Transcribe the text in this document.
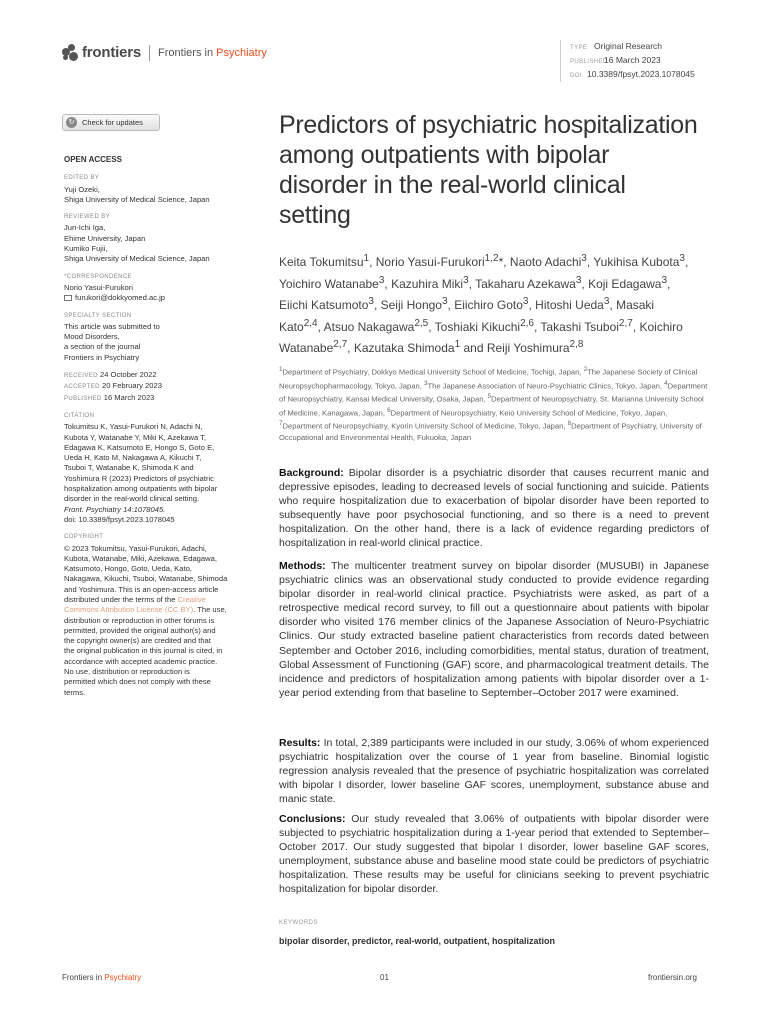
frontiers Frontiers in Psychiatry	TYPE Original Research
PUBLISHED16 March 2023
DOI 10.3389/fpsyt.2023.1078045
↻	Check for updates
OPEN ACCESS
EDITED BY
Yuji Ozeki,
Shiga University of Medical Science, Japan
REVIEWED BY
Jun-Ichi Iga,
Ehime University, Japan
Kumiko Fujii,
Shiga University of Medical Science, Japan
*CORRESPONDENCE
Norio Yasui-Furukori
furukori@dokkyomed.ac.jp
SPECIALTY SECTION
This article was submitted to
Mood Disorders,
a section of the journal
Frontiers in Psychiatry
RECEIVED 24 October 2022
ACCEPTED 20 February 2023
PUBLISHED 16 March 2023
CITATION
Tokumitsu K, Yasui-Furukori N, Adachi N,
Kubota Y, Watanabe Y, Miki K, Azekawa T,
Edagawa K, Katsumoto E, Hongo S, Goto E,
Ueda H, Kato M, Nakagawa A, Kikuchi T,
Tsuboi T, Watanabe K, Shimoda K and
Yoshimura R (2023) Predictors of psychiatric
hospitalization among outpatients with bipolar
disorder in the real-world clinical setting.
Front. Psychiatry 14:1078045.
doi: 10.3389/fpsyt.2023.1078045
COPYRIGHT
© 2023 Tokumitsu, Yasui-Furukori, Adachi,
Kubota, Watanabe, Miki, Azekawa, Edagawa,
Katsumoto, Hongo, Goto, Ueda, Kato,
Nakagawa, Kikuchi, Tsuboi, Watanabe, Shimoda
and Yoshimura. This is an open-access article
distributed under the terms of the Creative
Commons Attribution License (CC BY). The use,
distribution or reproduction in other forums is
permitted, provided the original author(s) and
the copyright owner(s) are credited and that
the original publication in this journal is cited, in
accordance with accepted academic practice.
No use, distribution or reproduction is
permitted which does not comply with these
terms.
Predictors of psychiatric hospitalization among outpatients with bipolar disorder in the real-world clinical setting
Keita Tokumitsu$^1$, Norio Yasui-Furukori$^{1,2}$*, Naoto Adachi$^3$, Yukihisa Kubota$^3$, Yoichiro Watanabe$^3$, Kazuhira Miki$^3$, Takaharu Azekawa$^3$, Koji Edagawa$^3$, Eiichi Katsumoto$^3$, Seiji Hongo$^3$, Eiichiro Goto$^3$, Hitoshi Ueda$^3$, Masaki Kato$^{2,4}$, Atsuo Nakagawa$^{2,5}$, Toshiaki Kikuchi$^{2,6}$, Takashi Tsuboi$^{2,7}$, Koichiro Watanabe$^{2,7}$, Kazutaka Shimoda$^1$ and Reiji Yoshimura$^{2,8}$
$^1$Department of Psychiatry, Dokkyo Medical University School of Medicine, Tochigi, Japan, $^2$The Japanese Society of Clinical Neuropsychopharmacology, Tokyo, Japan, $^3$The Japanese Association of Neuro-Psychiatric Clinics, Tokyo, Japan, $^4$Department of Neuropsychiatry, Kansai Medical University, Osaka, Japan, $^5$Department of Neuropsychiatry, St. Marianna University School of Medicine, Kanagawa, Japan, $^6$Department of Neuropsychiatry, Keio University School of Medicine, Tokyo, Japan, $^7$Department of Neuropsychiatry, Kyorin University School of Medicine, Tokyo, Japan, $^8$Department of Psychiatry, University of Occupational and Environmental Health, Fukuoka, Japan
Background: Bipolar disorder is a psychiatric disorder that causes recurrent manic and depressive episodes, leading to decreased levels of social functioning and suicide. Patients who require hospitalization due to exacerbation of bipolar disorder have been reported to subsequently have poor psychosocial functioning, and so there is a need to prevent hospitalization. On the other hand, there is a lack of evidence regarding predictors of hospitalization in real-world clinical practice.
Methods: The multicenter treatment survey on bipolar disorder (MUSUBI) in Japanese psychiatric clinics was an observational study conducted to provide evidence regarding bipolar disorder in real-world clinical practice. Psychiatrists were asked, as part of a retrospective medical record survey, to fill out a questionnaire about patients with bipolar disorder who visited 176 member clinics of the Japanese Association of Neuro-Psychiatric Clinics. Our study extracted baseline patient characteristics from records dated between September and October 2016, including comorbidities, mental status, duration of treatment, Global Assessment of Functioning (GAF) score, and pharmacological treatment details. The incidence and predictors of hospitalization among patients with bipolar disorder over a 1-year period extending from that baseline to September–October 2017 were examined.
Results: In total, 2,389 participants were included in our study, 3.06% of whom experienced psychiatric hospitalization over the course of 1 year from baseline. Binomial logistic regression analysis revealed that the presence of psychiatric hospitalization was correlated with bipolar I disorder, lower baseline GAF scores, unemployment, substance abuse and manic state.
Conclusions: Our study revealed that 3.06% of outpatients with bipolar disorder were subjected to psychiatric hospitalization during a 1-year period that extended to September–October 2017. Our study suggested that bipolar I disorder, lower baseline GAF scores, unemployment, substance abuse and baseline mood state could be predictors of psychiatric hospitalization. These results may be useful for clinicians seeking to prevent psychiatric hospitalization for bipolar disorder.
KEYWORDS
bipolar disorder, predictor, real-world, outpatient, hospitalization
Frontiers in Psychiatry	01	frontiersin.org
